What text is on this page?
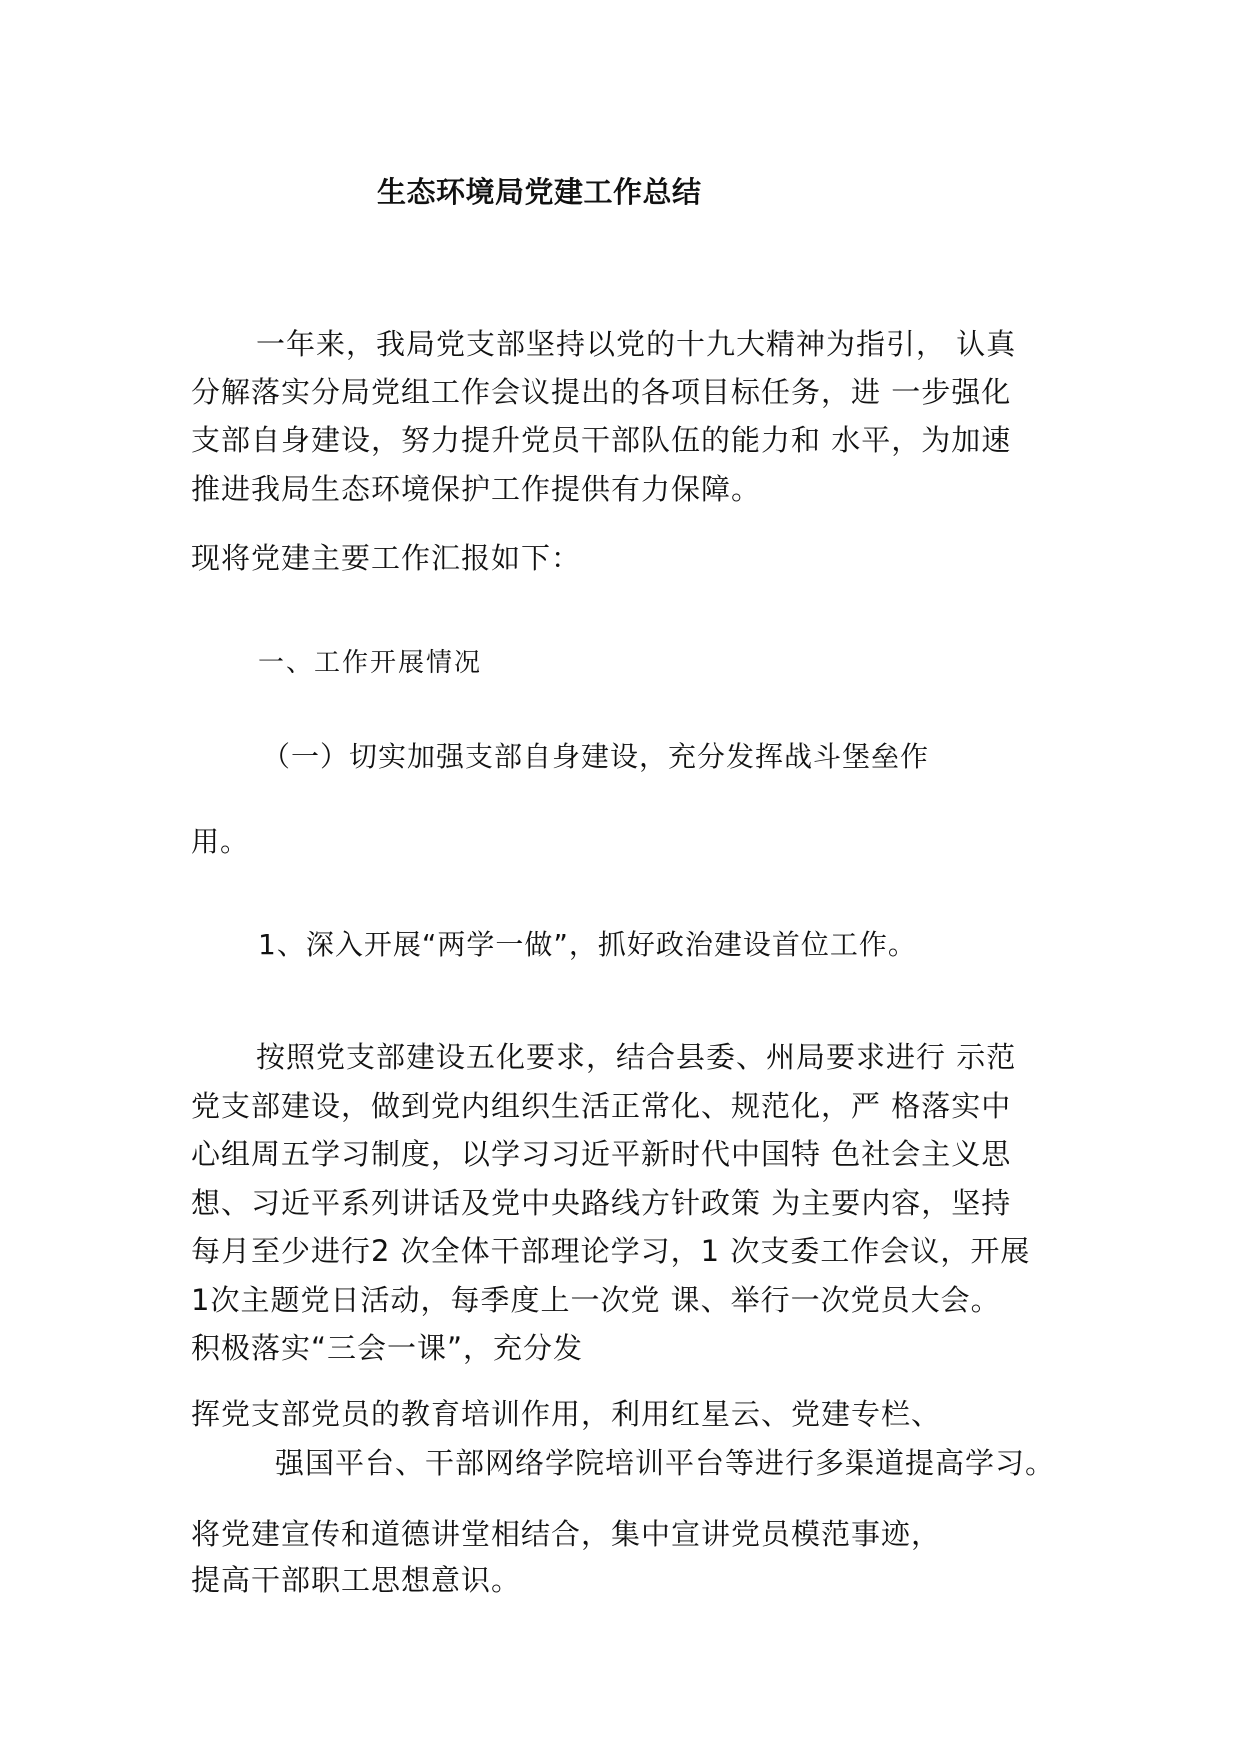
生态环境局党建工作总结
一年来，我局党支部坚持以党的十九大精神为指引， 认真
分解落实分局党组工作会议提出的各项目标任务，进 一步强化
支部自身建设，努力提升党员干部队伍的能力和 水平，为加速
推进我局生态环境保护工作提供有力保障。
现将党建主要工作汇报如下：
一、工作开展情况
（一）切实加强支部自身建设，充分发挥战斗堡垒作
用。
1、深入开展“两学一做”，抓好政治建设首位工作。
按照党支部建设五化要求，结合县委、州局要求进行 示范
党支部建设，做到党内组织生活正常化、规范化，严 格落实中
心组周五学习制度，以学习习近平新时代中国特 色社会主义思
想、习近平系列讲话及党中央路线方针政策 为主要内容，坚持
每月至少进行2 次全体干部理论学习，1 次支委工作会议，开展
1次主题党日活动，每季度上一次党 课、举行一次党员大会。
积极落实“三会一课”，充分发
挥党支部党员的教育培训作用，利用红星云、党建专栏、
强国平台、干部网络学院培训平台等进行多渠道提高学习。
将党建宣传和道德讲堂相结合，集中宣讲党员模范事迹，
提高干部职工思想意识。
